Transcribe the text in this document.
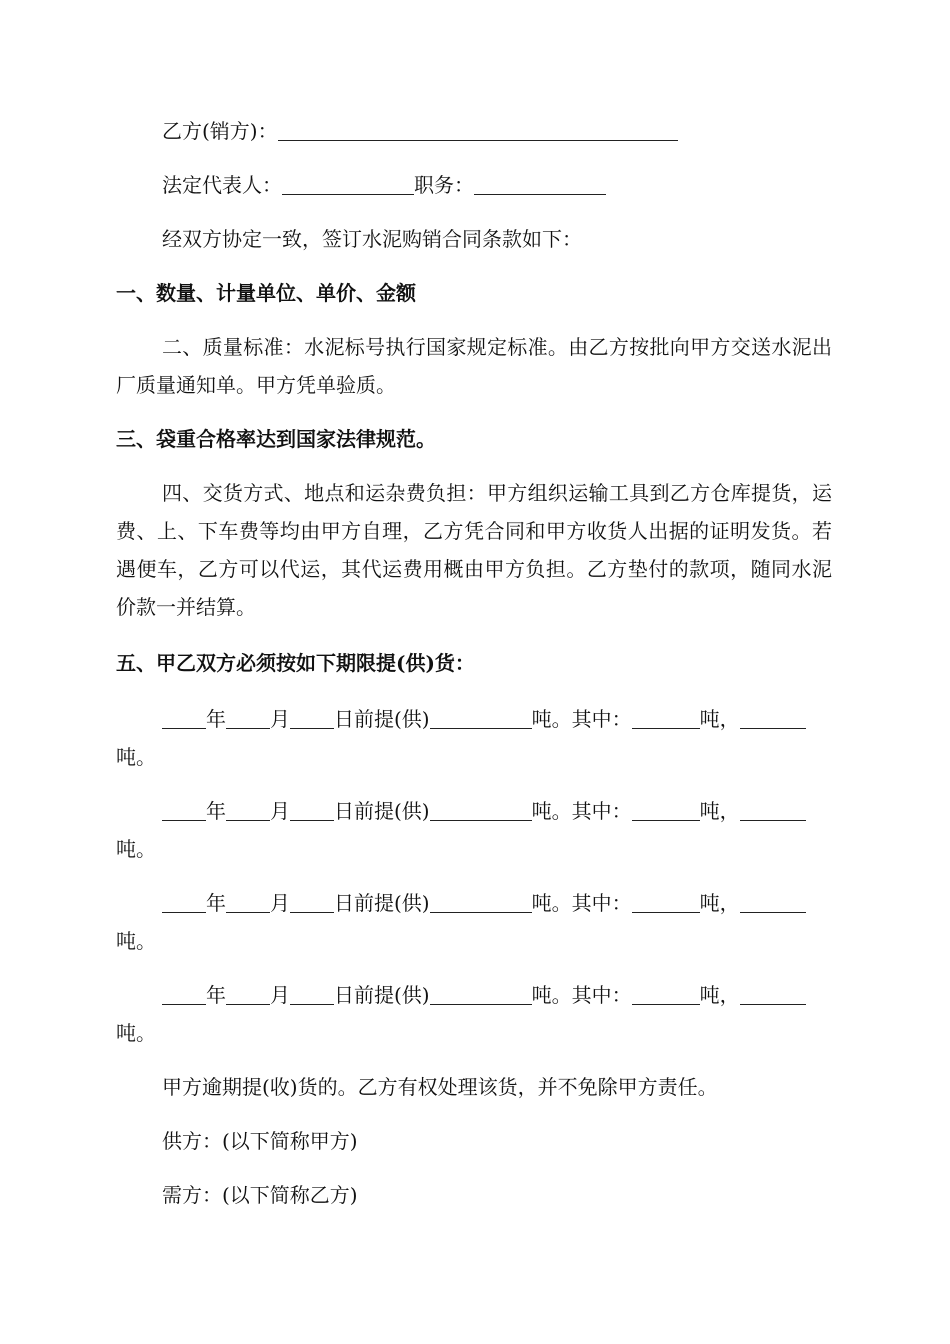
乙方(销方)：
法定代表人：	职务：
经双方协定一致，签订水泥购销合同条款如下：
一、数量、计量单位、单价、金额
二、质量标准：水泥标号执行国家规定标准。由乙方按批向甲方交送水泥出厂质量通知单。甲方凭单验质。
三、袋重合格率达到国家法律规范。
四、交货方式、地点和运杂费负担：甲方组织运输工具到乙方仓库提货，运费、上、下车费等均由甲方自理，乙方凭合同和甲方收货人出据的证明发货。若遇便车，乙方可以代运，其代运费用概由甲方负担。乙方垫付的款项，随同水泥价款一并结算。
五、甲乙双方必须按如下期限提(供)货：
年 月 日前提(供)	吨。其中：	吨，
吨。
年 月 日前提(供)	吨。其中：	吨，
吨。
年 月 日前提(供)	吨。其中：	吨，
吨。
年 月 日前提(供)	吨。其中：	吨，
吨。
甲方逾期提(收)货的。乙方有权处理该货，并不免除甲方责任。
供方：(以下简称甲方)
需方：(以下简称乙方)
